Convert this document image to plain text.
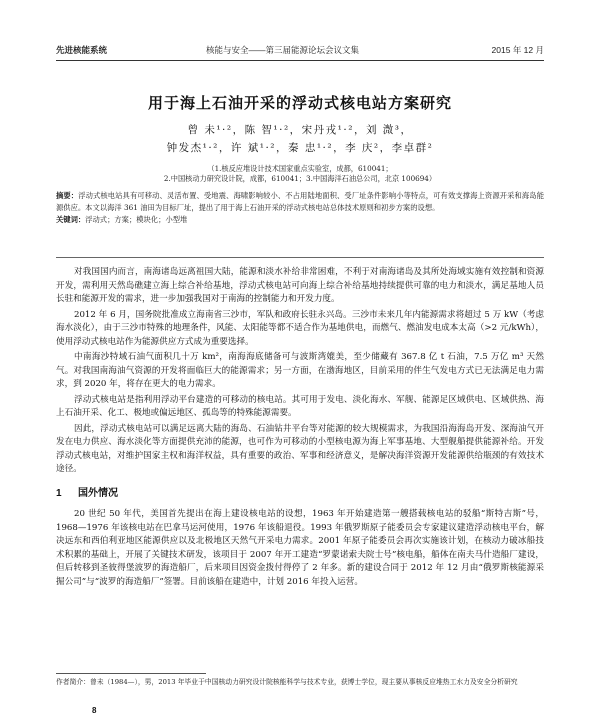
先进核能系统	核能与安全——第三届能源论坛会议文集	2015 年 12 月
用于海上石油开采的浮动式核电站方案研究
曾 未¹·²，陈 智¹·²，宋丹戎¹·²，刘 溦³，
钟发杰¹·²，许 斌¹·²，秦 忠¹·²，李 庆²，李卓群²
（1.核反应堆设计技术国家重点实验室，成都，610041；
2.中国核动力研究设计院，成都，610041；3.中国海洋石油总公司，北京 100694）
摘要：浮动式核电站具有可移动、灵活布置、受地震、海啸影响较小、不占用陆地面积、受厂址条件影响小等特点，可有效支撑海上资源开采和海岛能源供应。本文以海洋 361 油田为目标厂址，提出了用于海上石油开采的浮动式核电站总体技术原则和初步方案的设想。
关键词：浮动式；方案；模块化；小型堆

对我国国内而言，南海诸岛远离祖国大陆，能源和淡水补给非常困难，不利于对南海诸岛及其所处海域实施有效控制和资源开发，需利用天然岛礁建立海上综合补给基地，浮动式核电站可向海上综合补给基地持续提供可靠的电力和淡水，满足基地人员长驻和能源开发的需求，进一步加强我国对于南海的控制能力和开发力度。

2012 年 6 月，国务院批准成立海南省三沙市，军队和政府长驻永兴岛。三沙市未来几年内能源需求将超过 5 万 kW（考虑海水淡化），由于三沙市特殊的地理条件，风能、太阳能等都不适合作为基地供电，而燃气、燃油发电成本太高（>2 元/kWh），使用浮动式核电站作为能源供应方式成为重要选择。

中南海沙特域石油气面积几十万 km²，南海海底储备可与波斯湾媲美，至少储藏有 367.8 亿 t 石油，7.5 万亿 m³ 天然气。对我国南海油气资源的开发将面临巨大的能源需求；另一方面，在渤海地区，目前采用的伴生气发电方式已无法满足电力需求，到 2020 年，将存在更大的电力需求。

浮动式核电站是指利用浮动平台建造的可移动的核电站。其可用于发电、淡化海水、军舰、能源足区域供电、区域供热、海上石油开采、化工、极地或偏远地区、孤岛等的特殊能源需要。

因此，浮动式核电站可以满足远离大陆的海岛、石油钻井平台等对能源的较大规模需求，为我国沿海海岛开发、深海油气开发在电力供应、海水淡化等方面提供充沛的能源，也可作为可移动的小型核电源为海上军事基地、大型舰船提供能源补给。开发浮动式核电站，对维护国家主权和海洋权益，具有重要的政治、军事和经济意义，是解决海洋资源开发能源供给瓶颈的有效技术途径。

1 国外情况

20 世纪 50 年代，美国首先提出在海上建设核电站的设想，1963 年开始建造第一艘搭载核电站的驳船“斯特吉斯”号，1968—1976 年该核电站在巴拿马运河使用，1976 年该船退役。1993 年俄罗斯原子能委员会专家建议建造浮动核电平台，解决远东和西伯利亚地区能源供应以及北极地区天然气开采电力需求。2001 年原子能委员会再次实施该计划，在核动力破冰船技术积累的基础上，开展了关键技术研发，该项目于 2007 年开工建造“罗蒙诺索夫院士号”核电船，船体在南夫马什造船厂建设，但后转移到圣彼得堡波罗的海造船厂，后来项目因资金拨付得停了 2 年多。新的建设合同于 2012 年 12 月由“俄罗斯核能源采掘公司”与“波罗的海造船厂”签署。目前该船在建造中，计划 2016 年投入运营。

作者简介：曾未（1984—），男，2013 年毕业于中国核动力研究设计院核能科学与技术专业，获博士学位，现主要从事核反应堆热工水力及安全分析研究
8
